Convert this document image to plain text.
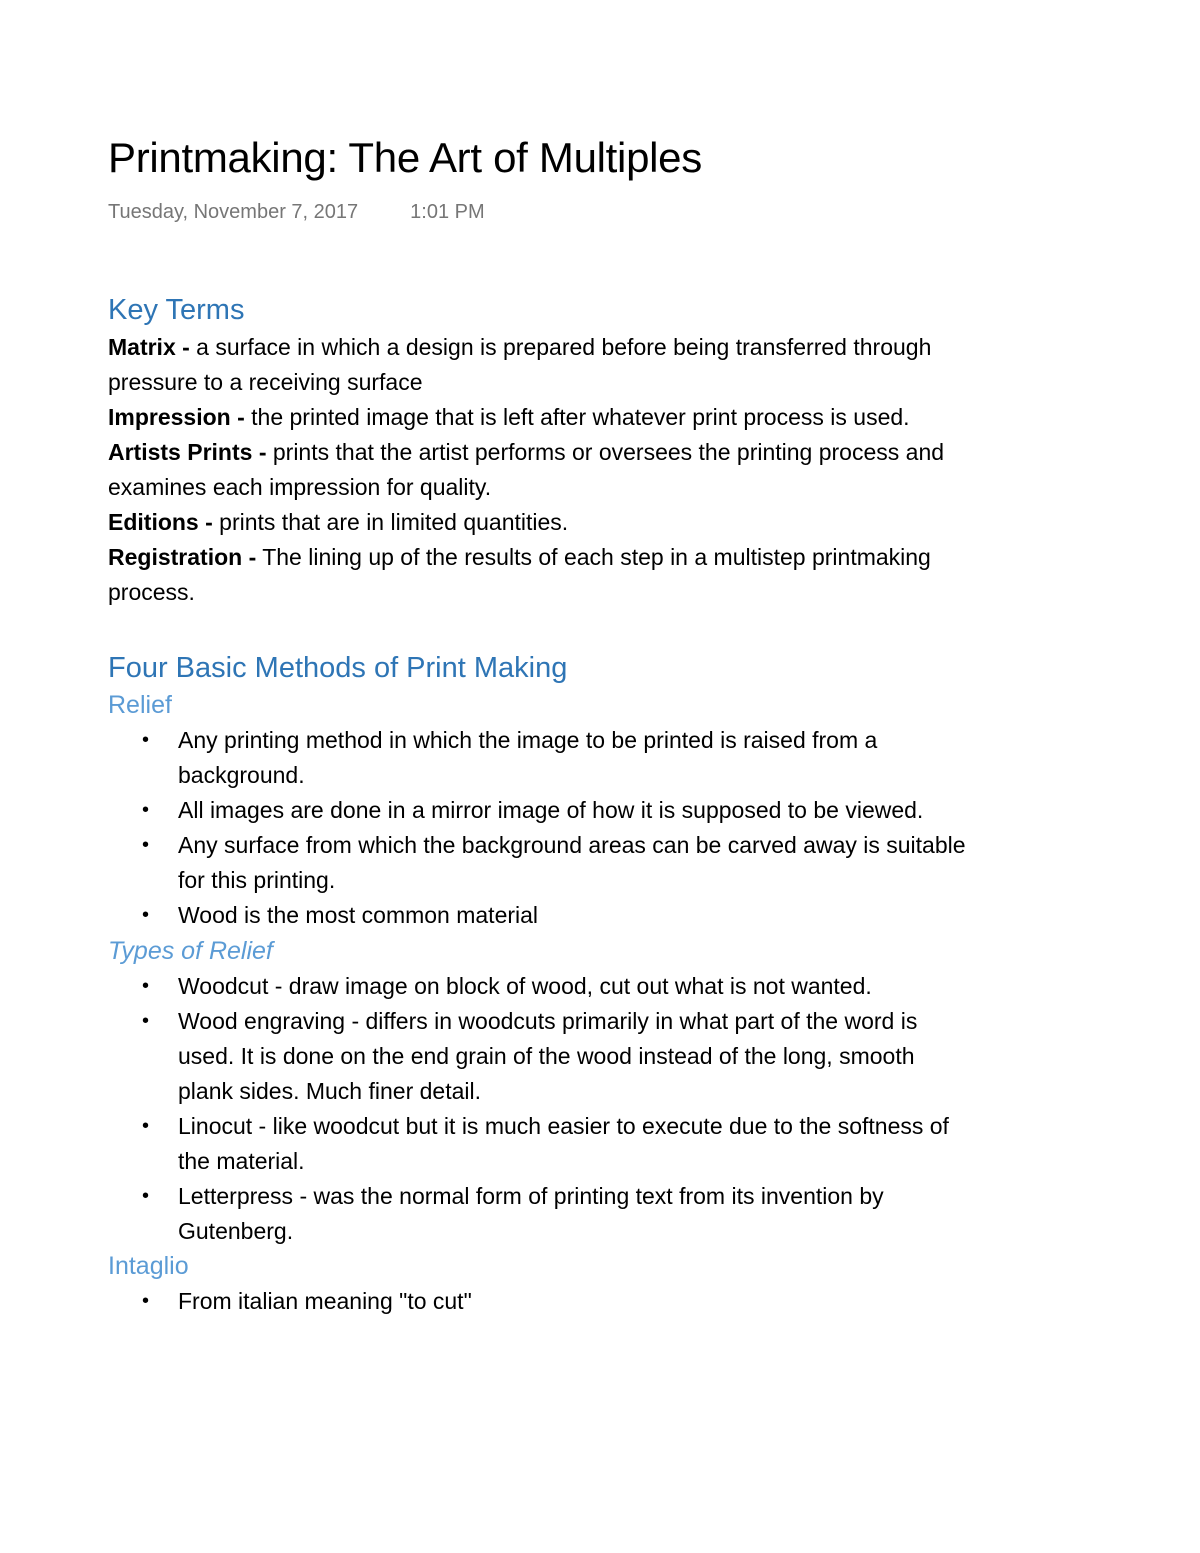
Printmaking: The Art of Multiples
Tuesday, November 7, 2017	1:01 PM
Key Terms
Matrix - a surface in which a design is prepared before being transferred through pressure to a receiving surface
Impression - the printed image that is left after whatever print process is used.
Artists Prints - prints that the artist performs or oversees the printing process and examines each impression for quality.
Editions - prints that are in limited quantities.
Registration - The lining up of the results of each step in a multistep printmaking process.
Four Basic Methods of Print Making
Relief
• Any printing method in which the image to be printed is raised from a background.
• All images are done in a mirror image of how it is supposed to be viewed.
• Any surface from which the background areas can be carved away is suitable for this printing.
• Wood is the most common material
Types of Relief
• Woodcut - draw image on block of wood, cut out what is not wanted.
• Wood engraving - differs in woodcuts primarily in what part of the word is used. It is done on the end grain of the wood instead of the long, smooth plank sides. Much finer detail.
• Linocut - like woodcut but it is much easier to execute due to the softness of the material.
• Letterpress - was the normal form of printing text from its invention by Gutenberg.
Intaglio
• From italian meaning "to cut"
